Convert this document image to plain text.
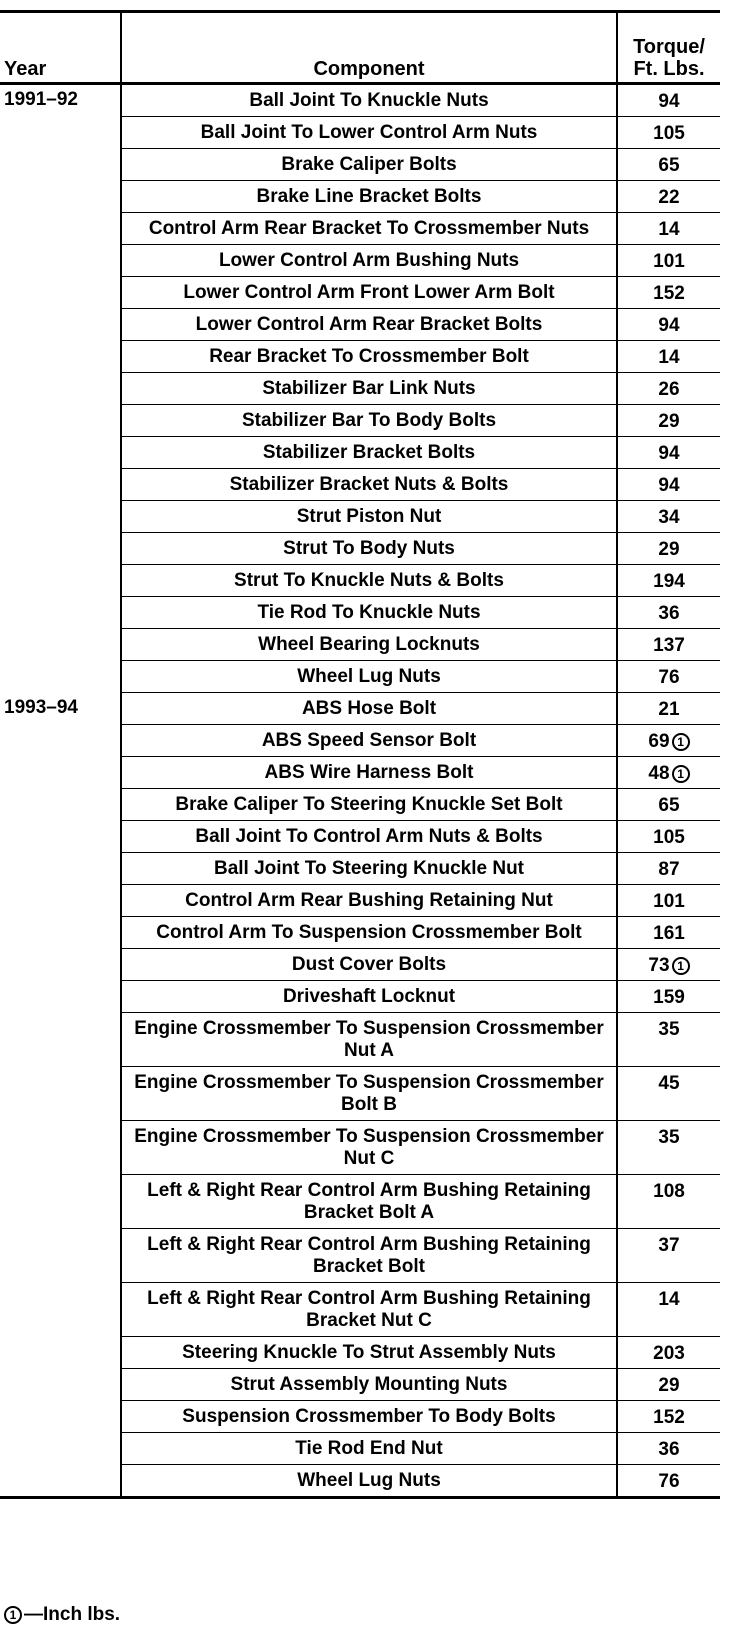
Year	Component	Torque/
Ft. Lbs.
1991–92	Ball Joint To Knuckle Nuts	94
	Ball Joint To Lower Control Arm Nuts	105
	Brake Caliper Bolts	65
	Brake Line Bracket Bolts	22
	Control Arm Rear Bracket To Crossmember Nuts	14
	Lower Control Arm Bushing Nuts	101
	Lower Control Arm Front Lower Arm Bolt	152
	Lower Control Arm Rear Bracket Bolts	94
	Rear Bracket To Crossmember Bolt	14
	Stabilizer Bar Link Nuts	26
	Stabilizer Bar To Body Bolts	29
	Stabilizer Bracket Bolts	94
	Stabilizer Bracket Nuts & Bolts	94
	Strut Piston Nut	34
	Strut To Body Nuts	29
	Strut To Knuckle Nuts & Bolts	194
	Tie Rod To Knuckle Nuts	36
	Wheel Bearing Locknuts	137
	Wheel Lug Nuts	76
1993–94	ABS Hose Bolt	21
	ABS Speed Sensor Bolt	69 1
	ABS Wire Harness Bolt	48 1
	Brake Caliper To Steering Knuckle Set Bolt	65
	Ball Joint To Control Arm Nuts & Bolts	105
	Ball Joint To Steering Knuckle Nut	87
	Control Arm Rear Bushing Retaining Nut	101
	Control Arm To Suspension Crossmember Bolt	161
	Dust Cover Bolts	73 1
	Driveshaft Locknut	159
	Engine Crossmember To Suspension Crossmember Nut A	35
	Engine Crossmember To Suspension Crossmember Bolt B	45
	Engine Crossmember To Suspension Crossmember Nut C	35
	Left & Right Rear Control Arm Bushing Retaining Bracket Bolt A	108
	Left & Right Rear Control Arm Bushing Retaining Bracket Bolt	37
	Left & Right Rear Control Arm Bushing Retaining Bracket Nut C	14
	Steering Knuckle To Strut Assembly Nuts	203
	Strut Assembly Mounting Nuts	29
	Suspension Crossmember To Body Bolts	152
	Tie Rod End Nut	36
	Wheel Lug Nuts	76
1 —Inch lbs.
